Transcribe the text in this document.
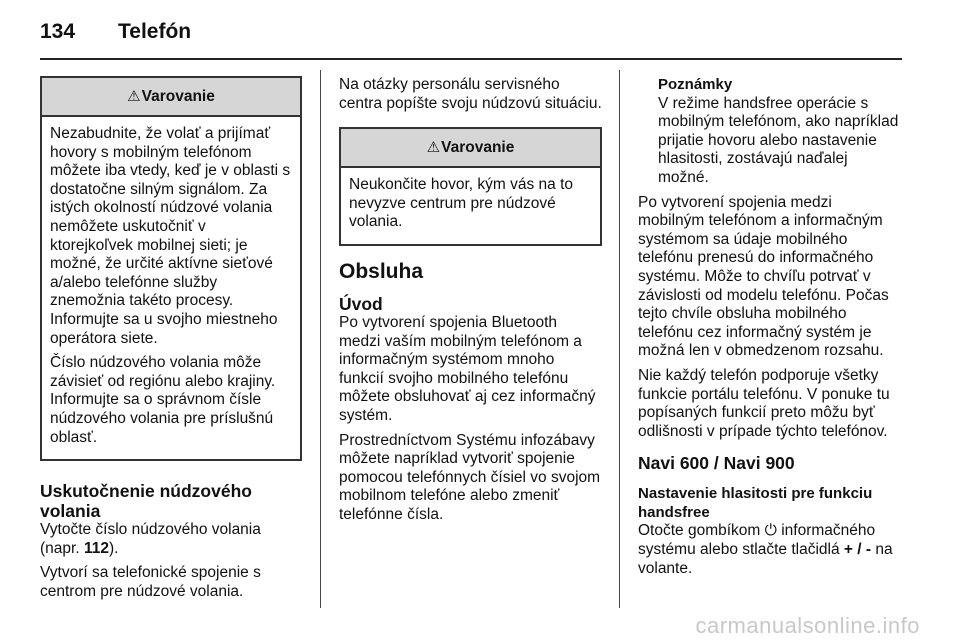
134 Telefón
⚠Varovanie

Nezabudnite, že volať a prijímať hovory s mobilným telefónom môžete iba vtedy, keď je v oblasti s dostatočne silným signálom. Za istých okolností núdzové volania nemôžete uskutočniť v ktorejkoľvek mobilnej sieti; je možné, že určité aktívne sieťové a/alebo telefónne služby znemožnia takéto procesy. Informujte sa u svojho miestneho operátora siete.

Číslo núdzového volania môže závisieť od regiónu alebo krajiny. Informujte sa o správnom čísle núdzového volania pre príslušnú oblasť.

Uskutočnenie núdzového volania

Vytočte číslo núdzového volania (napr. 112).

Vytvorí sa telefonické spojenie s centrom pre núdzové volania.

Na otázky personálu servisného centra popíšte svoju núdzovú situáciu.

⚠Varovanie

Neukončite hovor, kým vás na to nevyzve centrum pre núdzové volania.

Obsluha
Úvod

Po vytvorení spojenia Bluetooth medzi vaším mobilným telefónom a informačným systémom mnoho funkcií svojho mobilného telefónu môžete obsluhovať aj cez informačný systém.

Prostredníctvom Systému infozábavy môžete napríklad vytvoriť spojenie pomocou telefónnych čísiel vo svojom mobilnom telefóne alebo zmeniť telefónne čísla.

Poznámky
V režime handsfree operácie s mobilným telefónom, ako napríklad prijatie hovoru alebo nastavenie hlasitosti, zostávajú naďalej možné.

Po vytvorení spojenia medzi mobilným telefónom a informačným systémom sa údaje mobilného telefónu prenesú do informačného systému. Môže to chvíľu potrvať v závislosti od modelu telefónu. Počas tejto chvíle obsluha mobilného telefónu cez informačný systém je možná len v obmedzenom rozsahu.

Nie každý telefón podporuje všetky funkcie portálu telefónu. V ponuke tu popísaných funkcií preto môžu byť odlišnosti v prípade týchto telefónov.

Navi 600 / Navi 900
Nastavenie hlasitosti pre funkciu handsfree

Otočte gombíkom ⏻ informačného systému alebo stlačte tlačidlá + / - na volante.

carmanualsonline.info
